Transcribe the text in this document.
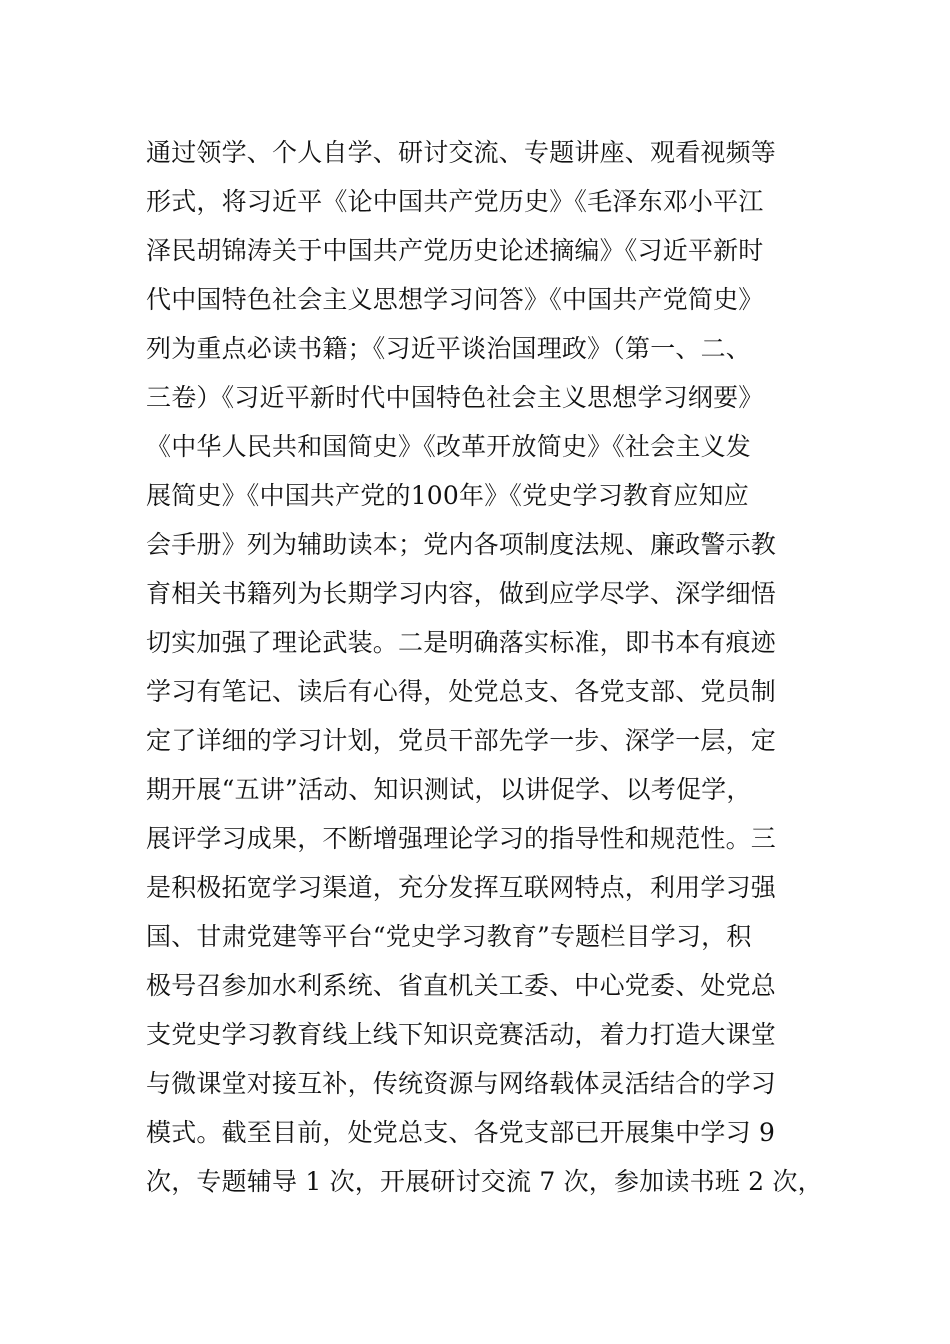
通过领学、个人自学、研讨交流、专题讲座、观看视频等
形式，将习近平《论中国共产党历史》《毛泽东邓小平江
泽民胡锦涛关于中国共产党历史论述摘编》《习近平新时
代中国特色社会主义思想学习问答》《中国共产党简史》
列为重点必读书籍；《习近平谈治国理政》（第一、二、
三卷）《习近平新时代中国特色社会主义思想学习纲要》
《中华人民共和国简史》《改革开放简史》《社会主义发
展简史》《中国共产党的100年》《党史学习教育应知应
会手册》列为辅助读本；党内各项制度法规、廉政警示教
育相关书籍列为长期学习内容，做到应学尽学、深学细悟
切实加强了理论武装。二是明确落实标准，即书本有痕迹
学习有笔记、读后有心得，处党总支、各党支部、党员制
定了详细的学习计划，党员干部先学一步、深学一层，定
期开展“五讲”活动、知识测试，以讲促学、以考促学，
展评学习成果，不断增强理论学习的指导性和规范性。三
是积极拓宽学习渠道，充分发挥互联网特点，利用学习强
国、甘肃党建等平台“党史学习教育”专题栏目学习，积
极号召参加水利系统、省直机关工委、中心党委、处党总
支党史学习教育线上线下知识竞赛活动，着力打造大课堂
与微课堂对接互补，传统资源与网络载体灵活结合的学习
模式。截至目前，处党总支、各党支部已开展集中学习 9
次，专题辅导 1 次，开展研讨交流 7 次，参加读书班 2 次，
